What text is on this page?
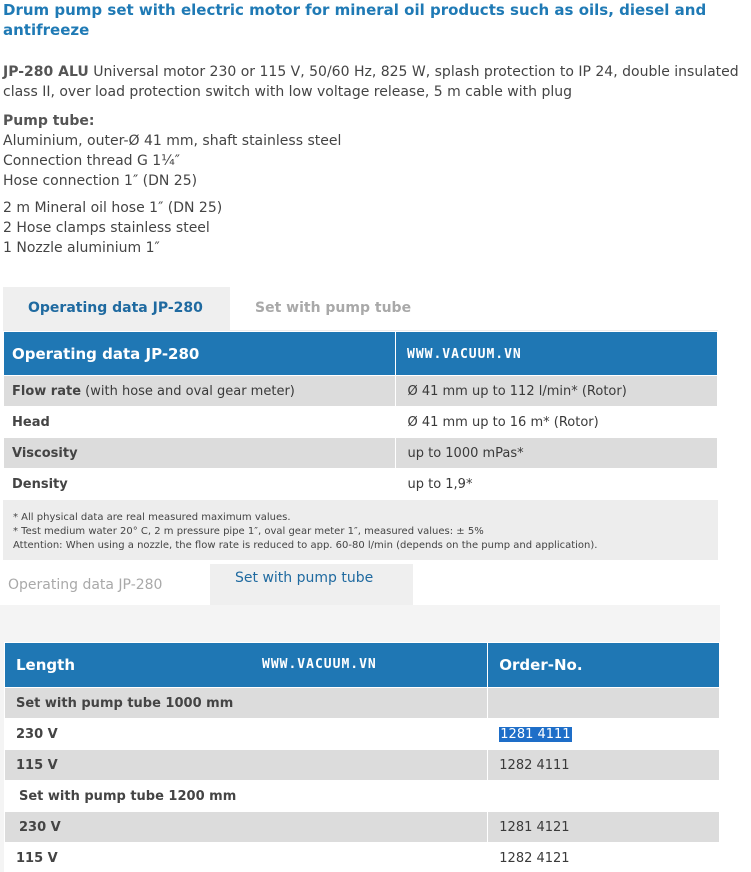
Drum pump set with electric motor for mineral oil products such as oils, diesel and antifreeze

JP-280 ALU Universal motor 230 or 115 V, 50/60 Hz, 825 W, splash protection to IP 24, double insulated class II, over load protection switch with low voltage release, 5 m cable with plug

Pump tube:
Aluminium, outer-Ø 41 mm, shaft stainless steel
Connection thread G 1¼″
Hose connection 1″ (DN 25)
2 m Mineral oil hose 1″ (DN 25)
2 Hose clamps stainless steel
1 Nozzle aluminium 1″
Operating data JP-280	Set with pump tube
Operating data JP-280	
Flow rate (with hose and oval gear meter)	Ø 41 mm up to 112 l/min* (Rotor)
Head	Ø 41 mm up to 16 m* (Rotor)
Viscosity	up to 1000 mPas*
Density	up to 1,9*
WWW.VACUUM.VN
* All physical data are real measured maximum values.
* Test medium water 20° C, 2 m pressure pipe 1″, oval gear meter 1″, measured values: ± 5%
Attention: When using a nozzle, the flow rate is reduced to app. 60-80 l/min (depends on the pump and application).
Operating data JP-280	Set with pump tube
Length	Order-No.
Set with pump tube 1000 mm	
230 V	1281 4111
115 V	1282 4111
Set with pump tube 1200 mm	
230 V	1281 4121
115 V	1282 4121
WWW.VACUUM.VN
